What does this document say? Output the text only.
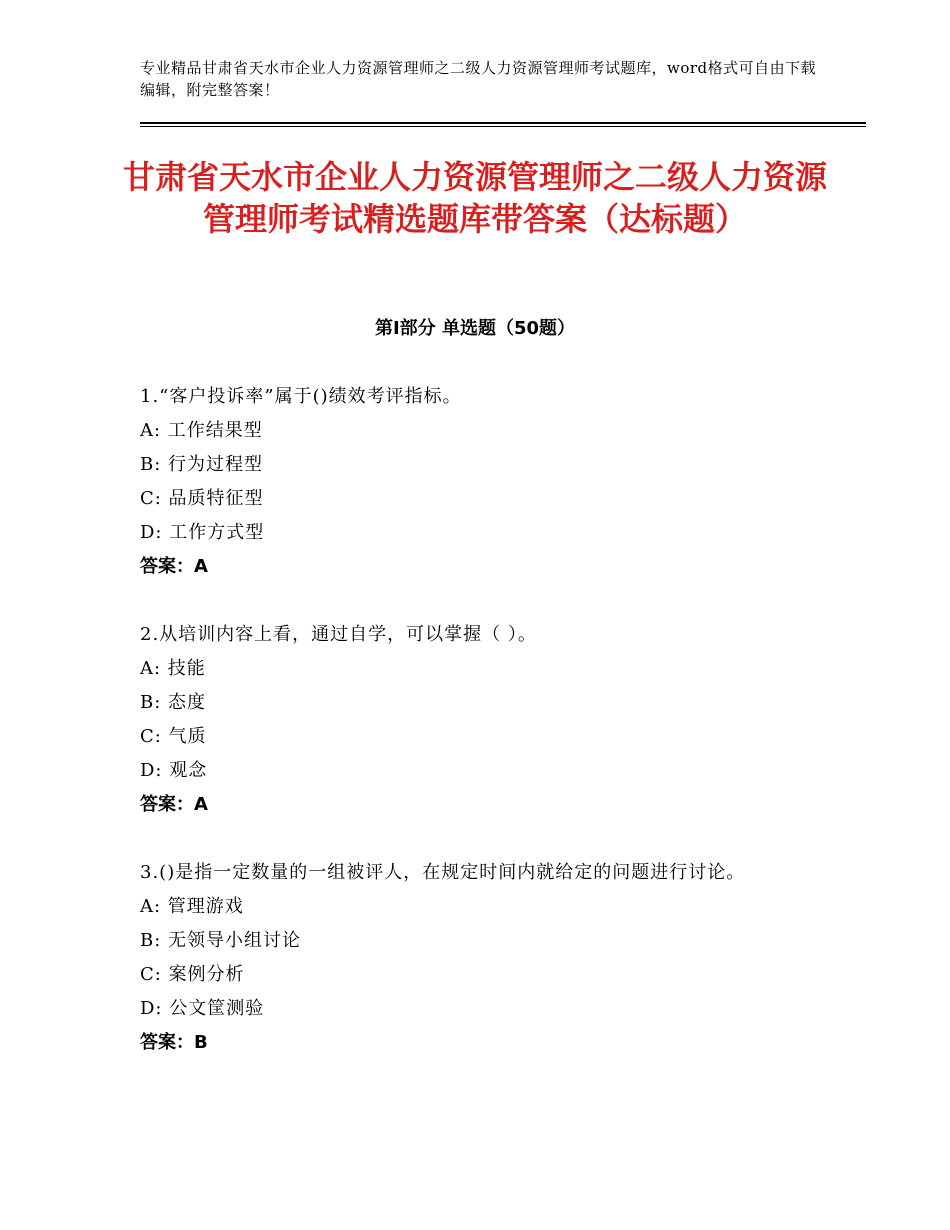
专业精品甘肃省天水市企业人力资源管理师之二级人力资源管理师考试题库，word格式可自由下载编辑，附完整答案！
甘肃省天水市企业人力资源管理师之二级人力资源管理师考试精选题库带答案（达标题）
第Ⅰ部分 单选题（50题）
1.“客户投诉率”属于()绩效考评指标。
A: 工作结果型
B: 行为过程型
C: 品质特征型
D: 工作方式型
答案：A
2.从培训内容上看，通过自学，可以掌握（ ）。
A: 技能
B: 态度
C: 气质
D: 观念
答案：A
3.()是指一定数量的一组被评人，在规定时间内就给定的问题进行讨论。
A: 管理游戏
B: 无领导小组讨论
C: 案例分析
D: 公文筐测验
答案：B
